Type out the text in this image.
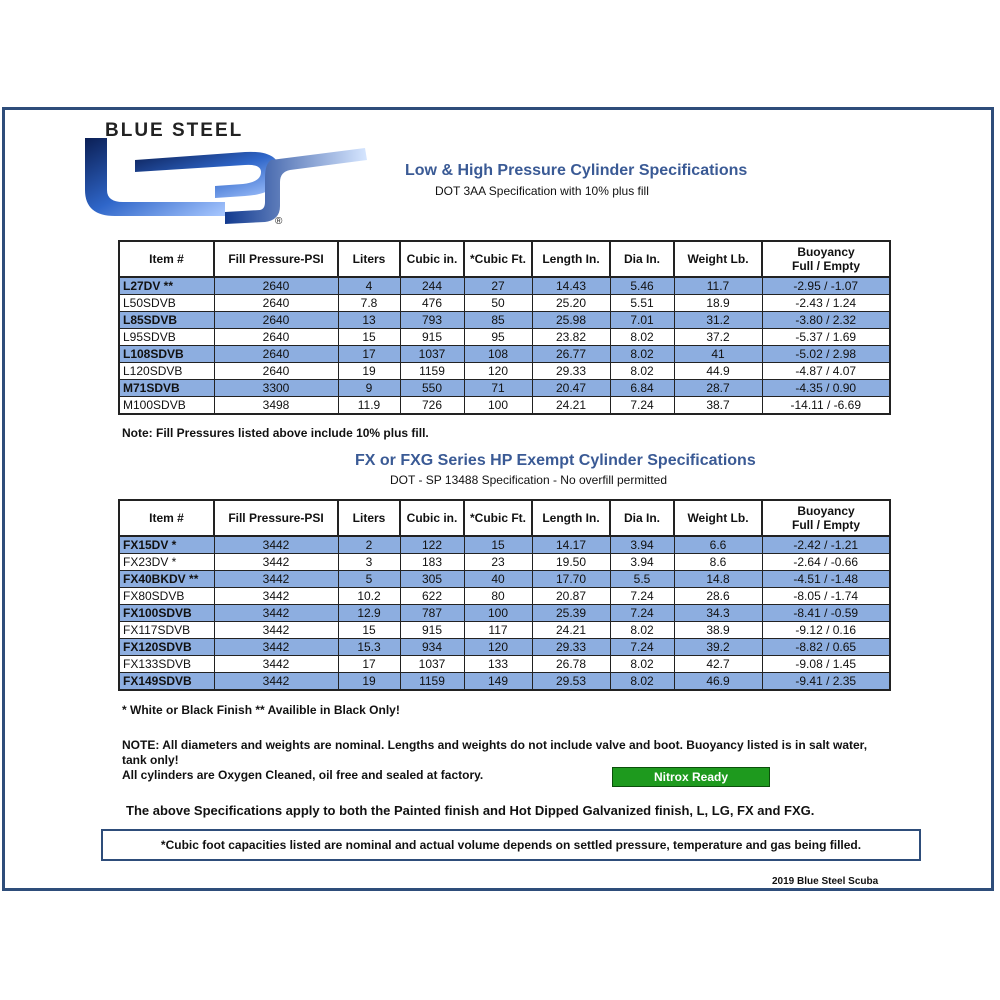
®
BLUE STEEL
Low & High Pressure Cylinder Specifications
DOT 3AA Specification with 10% plus fill
Item #	Fill Pressure-PSI	Liters	Cubic in.	*Cubic Ft.	Length In.	Dia In.	Weight Lb.	Buoyancy
Full / Empty
L27DV **	2640	4	244	27	14.43	5.46	11.7	-2.95 / -1.07
L50SDVB	2640	7.8	476	50	25.20	5.51	18.9	-2.43 / 1.24
L85SDVB	2640	13	793	85	25.98	7.01	31.2	-3.80 / 2.32
L95SDVB	2640	15	915	95	23.82	8.02	37.2	-5.37 / 1.69
L108SDVB	2640	17	1037	108	26.77	8.02	41	-5.02 / 2.98
L120SDVB	2640	19	1159	120	29.33	8.02	44.9	-4.87 / 4.07
M71SDVB	3300	9	550	71	20.47	6.84	28.7	-4.35 / 0.90
M100SDVB	3498	11.9	726	100	24.21	7.24	38.7	-14.11 / -6.69
Note: Fill Pressures listed above include 10% plus fill.
FX or FXG Series HP Exempt Cylinder Specifications
DOT - SP 13488 Specification - No overfill permitted
Item #	Fill Pressure-PSI	Liters	Cubic in.	*Cubic Ft.	Length In.	Dia In.	Weight Lb.	Buoyancy
Full / Empty
FX15DV *	3442	2	122	15	14.17	3.94	6.6	-2.42 / -1.21
FX23DV *	3442	3	183	23	19.50	3.94	8.6	-2.64 / -0.66
FX40BKDV **	3442	5	305	40	17.70	5.5	14.8	-4.51 / -1.48
FX80SDVB	3442	10.2	622	80	20.87	7.24	28.6	-8.05 / -1.74
FX100SDVB	3442	12.9	787	100	25.39	7.24	34.3	-8.41 / -0.59
FX117SDVB	3442	15	915	117	24.21	8.02	38.9	-9.12 / 0.16
FX120SDVB	3442	15.3	934	120	29.33	7.24	39.2	-8.82 / 0.65
FX133SDVB	3442	17	1037	133	26.78	8.02	42.7	-9.08 / 1.45
FX149SDVB	3442	19	1159	149	29.53	8.02	46.9	-9.41 / 2.35
* White or Black Finish ** Availible in Black Only!
NOTE: All diameters and weights are nominal. Lengths and weights do not include valve and boot. Buoyancy listed is in salt water, tank only!
All cylinders are Oxygen Cleaned, oil free and sealed at factory.	Nitrox Ready
The above Specifications apply to both the Painted finish and Hot Dipped Galvanized finish, L, LG, FX and FXG.
*Cubic foot capacities listed are nominal and actual volume depends on settled pressure, temperature and gas being filled.
2019 Blue Steel Scuba
